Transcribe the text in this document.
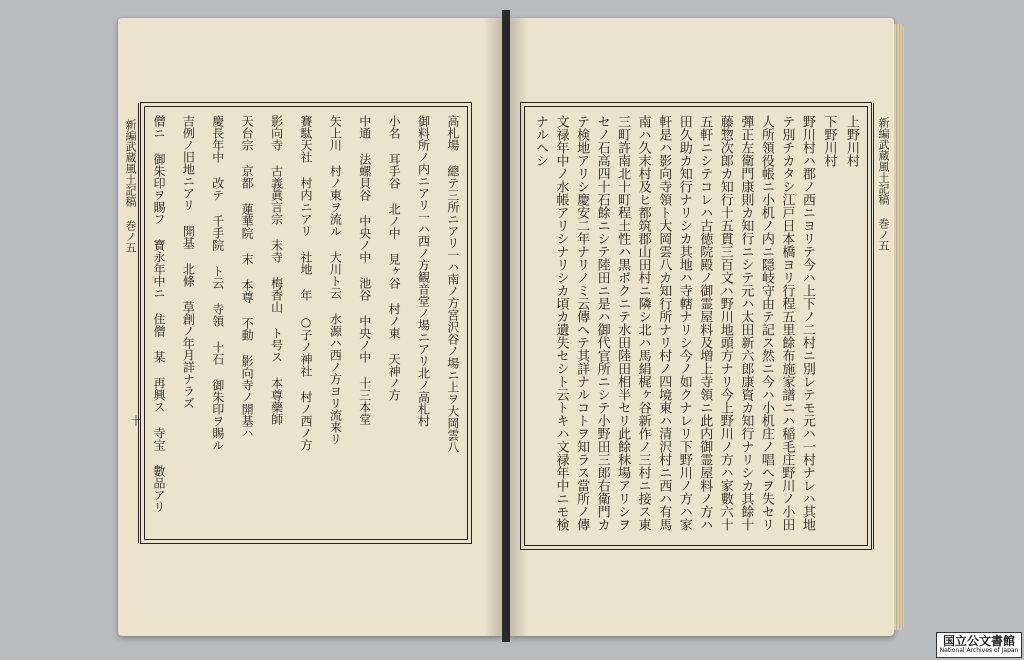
新編武蔵風土記稿 巻ノ五
十	高札場 總テ三所ニアリ一ハ南ノ方宮沢谷ノ場ニ上ヲ大岡雲八
御料所ノ内ニアリ一ハ西ノ方観音堂ノ場ニアリ北ノ高札村
小名 耳手谷 北ノ中 見ヶ谷 村ノ東 天神ノ方
中通 法螺貝谷 中央ノ中 池谷 中央ノ中 十三本堂
矢上川 村ノ東ヲ流ル 大川ト云 水源ハ西ノ方ヨリ流来リ
賽駄天社 村内ニアリ 社地 年 ○子ノ神社 村ノ西ノ方
影向寺 古義眞言宗 末寺 梅香山 ト号ス 本尊藥師
天台宗 京都 蓮華院 末 本尊 不動 影向寺ノ開基ハ
慶長年中 改テ 千手院 ト云 寺領 十石 御朱印ヲ賜ル
吉例ノ旧地ニアリ 開基 北條 草創ノ年月詳ナラズ
僧ニ 御朱印ヲ賜フ 寶永年中ニ 住僧 某 再興ス 寺宝 數品アリ	新編武蔵風土記稿 巻ノ五
上野川村
下野川村
野川村ハ郡ノ西ニヨリテ今ハ上下ノ二村ニ別レテモ元ハ一村ナレハ其地
テ別チカタシ江戸日本橋ヨリ行程五里餘布施家譜ニハ稲毛庄野川ノ小田
人所領役帳ニ小机ノ内ニ隠岐守由テ記ス然ニ今ハ小机庄ノ唱ヘヲ失セリ
彈正左衛門康則カ知行ニシテ元ハ太田新六郎康資カ知行ナリシカ其餘十
藤惣次郎カ知行十五貫三百文ハ野川地頭方ナリ今上野川ノ方ハ家數六十
五軒ニシテコレハ古徳院殿ノ御霊屋料及増上寺領ニ此内御霊屋料ノ方ハ
田久助カ知行ナリシカ其地ハ寺轄ナリシ今ノ如クナレリ下野川ノ方ハ家
軒是ハ影向寺領ト大岡雲八カ知行所ナリ村ノ四境東ハ清沢村ニ西ハ有馬
南ハ久末村及ヒ都筑郡山田村ニ隣シ北ハ馬絹梶ヶ谷新作ノ三村ニ接ス東
三町許南北十町程土性ハ黒ボクニテ水田陸田相半セリ此餘秣場アリシヲ
セノ石高四十石餘ニシテ陸田ニ是ハ御代官所ニシテ小野田三郎右衛門カ
テ検地アリシ慶安二年ナリノミ云傳ヘテ其詳ナルコトヲ知ラス當所ノ傳
文禄年中ノ水帳アリシナリシカ頃カ遺失セシト云トキハ文禄年中ニモ検
ナルヘシ
国立公文書館
National Archives of Japan
